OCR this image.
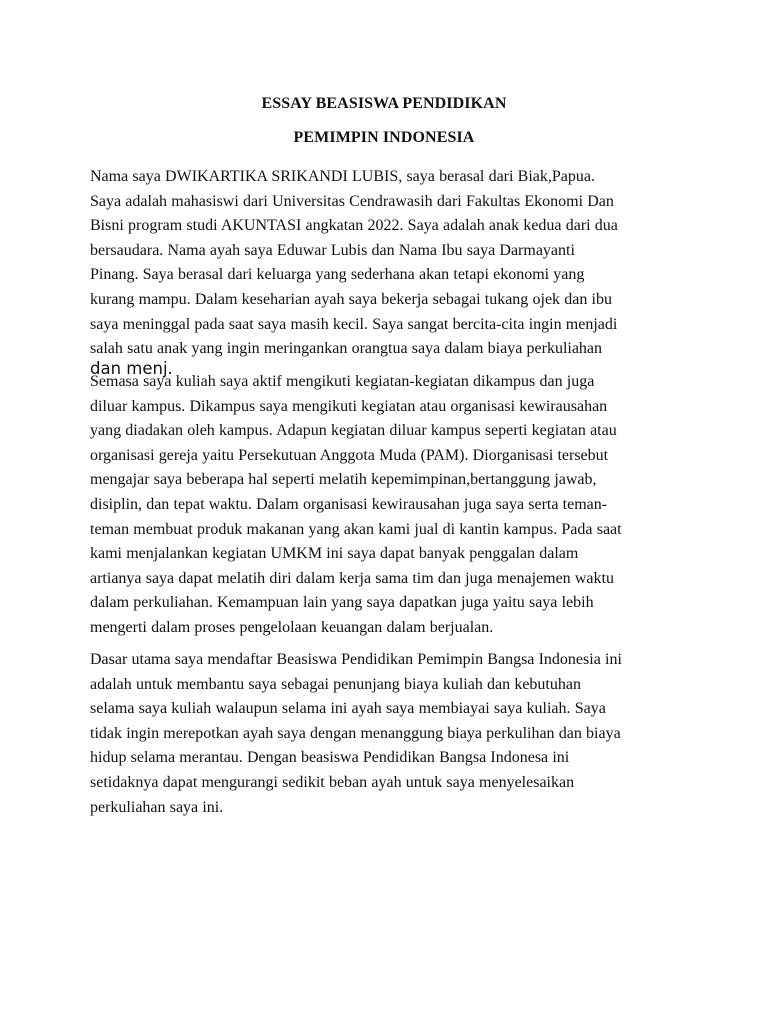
ESSAY BEASISWA PENDIDIKAN
PEMIMPIN INDONESIA

Nama saya DWIKARTIKA SRIKANDI LUBIS, saya berasal dari Biak,Papua.
Saya adalah mahasiswi dari Universitas Cendrawasih dari Fakultas Ekonomi Dan
Bisni program studi AKUNTASI angkatan 2022. Saya adalah anak kedua dari dua
bersaudara. Nama ayah saya Eduwar Lubis dan Nama Ibu saya Darmayanti
Pinang. Saya berasal dari keluarga yang sederhana akan tetapi ekonomi yang
kurang mampu. Dalam keseharian ayah saya bekerja sebagai tukang ojek dan ibu
saya meninggal pada saat saya masih kecil. Saya sangat bercita-cita ingin menjadi
salah satu anak yang ingin meringankan orangtua saya dalam biaya perkuliahan

dan menj.

Semasa saya kuliah saya aktif mengikuti kegiatan-kegiatan dikampus dan juga
diluar kampus. Dikampus saya mengikuti kegiatan atau organisasi kewirausahan
yang diadakan oleh kampus. Adapun kegiatan diluar kampus seperti kegiatan atau
organisasi gereja yaitu Persekutuan Anggota Muda (PAM). Diorganisasi tersebut
mengajar saya beberapa hal seperti melatih kepemimpinan,bertanggung jawab,
disiplin, dan tepat waktu. Dalam organisasi kewirausahan juga saya serta teman-
teman membuat produk makanan yang akan kami jual di kantin kampus. Pada saat
kami menjalankan kegiatan UMKM ini saya dapat banyak penggalan dalam
artianya saya dapat melatih diri dalam kerja sama tim dan juga menajemen waktu
dalam perkuliahan. Kemampuan lain yang saya dapatkan juga yaitu saya lebih
mengerti dalam proses pengelolaan keuangan dalam berjualan.

Dasar utama saya mendaftar Beasiswa Pendidikan Pemimpin Bangsa Indonesia ini
adalah untuk membantu saya sebagai penunjang biaya kuliah dan kebutuhan
selama saya kuliah walaupun selama ini ayah saya membiayai saya kuliah. Saya
tidak ingin merepotkan ayah saya dengan menanggung biaya perkulihan dan biaya
hidup selama merantau. Dengan beasiswa Pendidikan Bangsa Indonesa ini
setidaknya dapat mengurangi sedikit beban ayah untuk saya menyelesaikan
perkuliahan saya ini.
